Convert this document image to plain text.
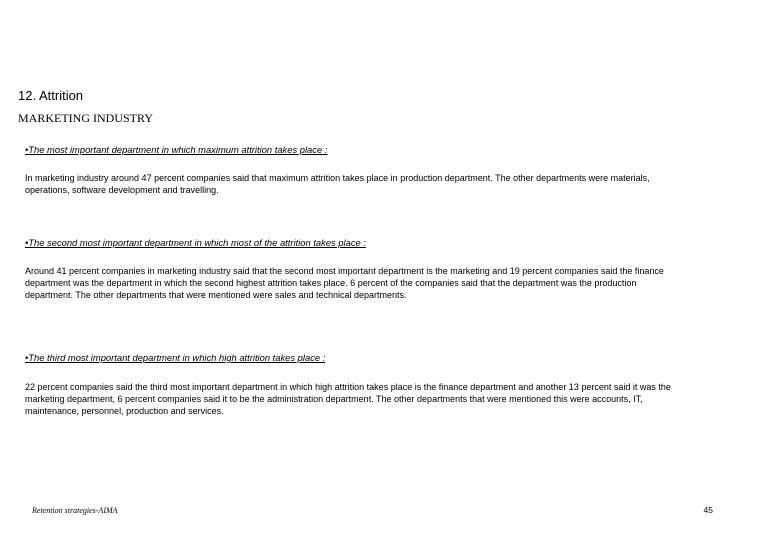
12. Attrition
MARKETING INDUSTRY
•The most important department in which maximum attrition takes place :
In marketing industry around 47 percent companies said that maximum attrition takes place in production department. The other departments were materials, operations, software development and travelling.
•The second most important department in which most of the attrition takes place :
Around 41 percent companies in marketing industry said that the second most important department is the marketing and 19 percent companies said the finance department was the department in which the second highest attrition takes place. 6 percent of the companies said that the department was the production department. The other departments that were mentioned were sales and technical departments.
•The third most important department in which high attrition takes place :
22 percent companies said the third most important department in which high attrition takes place is the finance department and another 13 percent said it was the marketing department, 6 percent companies said it to be the administration department. The other departments that were mentioned this were accounts, IT, maintenance, personnel, production and services.
Retention strategies-AIMA	45
